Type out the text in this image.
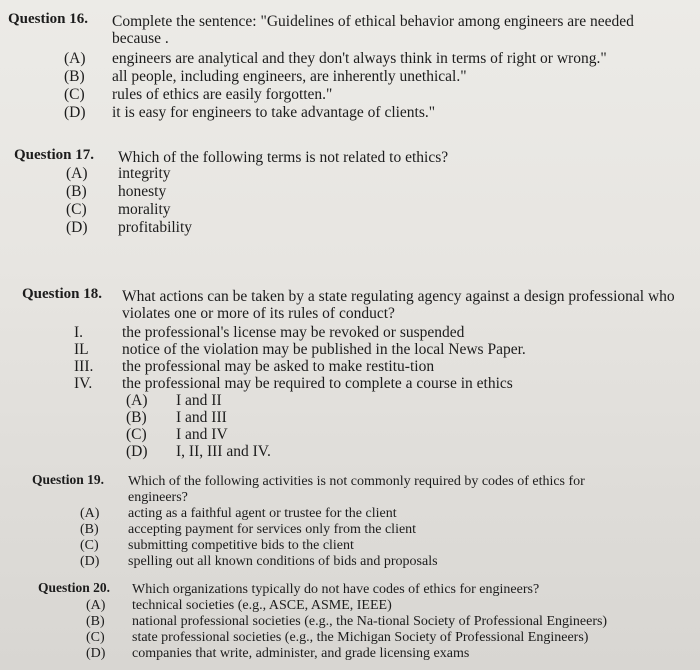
Question 16. Complete the sentence: "Guidelines of ethical behavior among engineers are needed because .
(A) engineers are analytical and they don't always think in terms of right or wrong."
(B) all people, including engineers, are inherently unethical."
(C) rules of ethics are easily forgotten."
(D) it is easy for engineers to take advantage of clients."
Question 17. Which of the following terms is not related to ethics?
(A) integrity
(B) honesty
(C) morality
(D) profitability
Question 18. What actions can be taken by a state regulating agency against a design professional who violates one or more of its rules of conduct?
I.	the professional's license may be revoked or suspended
IL notice of the violation may be published in the local News Paper.
III. the professional may be asked to make restitu-tion
IV. the professional may be required to complete a course in ethics
(A) I and II
(B) I and III
(C) I and IV
(D) I, II, III and IV.
Question 19. Which of the following activities is not commonly required by codes of ethics for engineers?
(A) acting as a faithful agent or trustee for the client
(B) accepting payment for services only from the client
(C) submitting competitive bids to the client
(D) spelling out all known conditions of bids and proposals
Question 20. Which organizations typically do not have codes of ethics for engineers?
(A) technical societies (e.g., ASCE, ASME, IEEE)
(B) national professional societies (e.g., the Na-tional Society of Professional Engineers)
(C) state professional societies (e.g., the Michigan Society of Professional Engineers)
(D) companies that write, administer, and grade licensing exams
